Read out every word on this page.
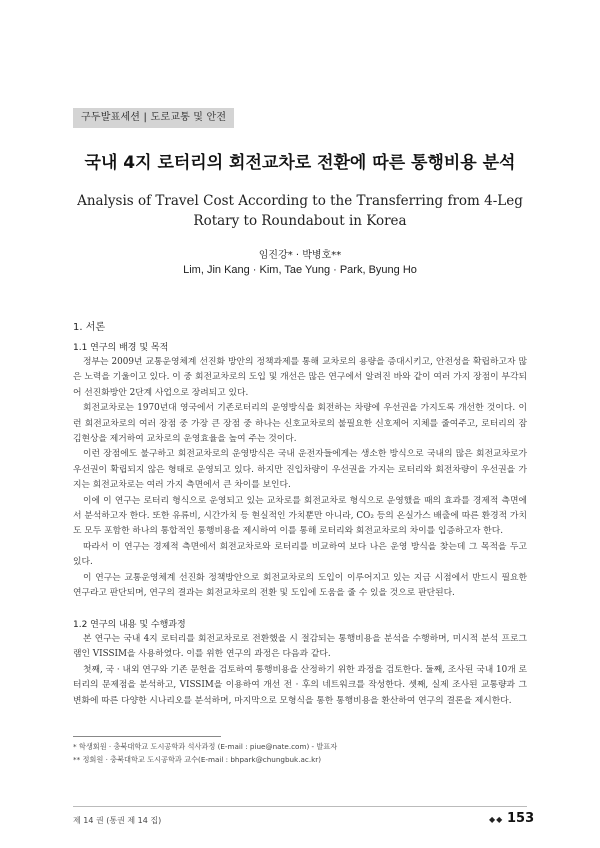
구두발표세션 | 도로교통 및 안전
국내 4지 로터리의 회전교차로 전환에 따른 통행비용 분석
Analysis of Travel Cost According to the Transferring from 4-Leg Rotary to Roundabout in Korea
임진강* · 박병호**
Lim, Jin Kang · Kim, Tae Yung · Park, Byung Ho
1. 서론
1.1 연구의 배경 및 목적

정부는 2009년 교통운영체계 선진화 방안의 정책과제를 통해 교차로의 용량을 증대시키고, 안전성을 확립하고자 많은 노력을 기울이고 있다. 이 중 회전교차로의 도입 및 개선은 많은 연구에서 알려진 바와 같이 여러 가지 장점이 부각되어 선진화방안 2단계 사업으로 장려되고 있다.

회전교차로는 1970년대 영국에서 기존로터리의 운영방식을 회전하는 차량에 우선권을 가지도록 개선한 것이다. 이런 회전교차로의 여러 장점 중 가장 큰 장점 중 하나는 신호교차로의 불필요한 신호제어 지체를 줄여주고, 로터리의 잠김현상을 제거하여 교차로의 운영효율을 높여 주는 것이다.

이런 장점에도 불구하고 회전교차로의 운영방식은 국내 운전자들에게는 생소한 방식으로 국내의 많은 회전교차로가 우선권이 확립되지 않은 형태로 운영되고 있다. 하지만 진입차량이 우선권을 가지는 로터리와 회전차량이 우선권을 가지는 회전교차로는 여러 가지 측면에서 큰 차이를 보인다.

이에 이 연구는 로터리 형식으로 운영되고 있는 교차로를 회전교차로 형식으로 운영했을 때의 효과를 경제적 측면에서 분석하고자 한다. 또한 유류비, 시간가치 등 현실적인 가치뿐만 아니라, CO₂ 등의 온실가스 배출에 따른 환경적 가치도 모두 포함한 하나의 통합적인 통행비용을 제시하여 이를 통해 로터리와 회전교차로의 차이를 입증하고자 한다.

따라서 이 연구는 경제적 측면에서 회전교차로와 로터리를 비교하여 보다 나은 운영 방식을 찾는데 그 목적을 두고 있다.

이 연구는 교통운영체계 선진화 정책방안으로 회전교차로의 도입이 이루어지고 있는 지금 시점에서 반드시 필요한 연구라고 판단되며, 연구의 결과는 회전교차로의 전환 및 도입에 도움을 줄 수 있을 것으로 판단된다.

1.2 연구의 내용 및 수행과정

본 연구는 국내 4지 로터리를 회전교차로로 전환했을 시 절감되는 통행비용을 분석을 수행하며, 미시적 분석 프로그램인 VISSIM을 사용하였다. 이를 위한 연구의 과정은 다음과 같다.

첫째, 국 · 내외 연구와 기존 문헌을 검토하여 통행비용을 산정하기 위한 과정을 검토한다. 둘째, 조사된 국내 10개 로터리의 문제점을 분석하고, VISSIM을 이용하여 개선 전 · 후의 네트워크를 작성한다. 셋째, 실제 조사된 교통량과 그 변화에 따른 다양한 시나리오를 분석하며, 마지막으로 모형식을 통한 통행비용을 환산하여 연구의 결론을 제시한다.

* 학생회원 · 충북대학교 도시공학과 석사과정 (E-mail : piue@nate.com) - 발표자
** 정회원 · 충북대학교 도시공학과 교수(E-mail : bhpark@chungbuk.ac.kr)
제 14 권 (통권 제 14 집)	◆◆ 153
